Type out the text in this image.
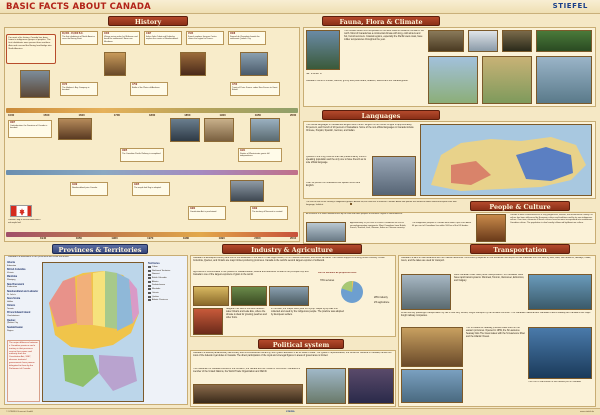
BASIC FACTS ABOUT CANADA	STIEFEL
History
For most of its history, Canada has been home to indigenous groups of peoples. The first inhabitants were present from northern Asia and crossed the Bering land bridge into North America.
1000	1500	1600	1700	1800	1850	1900	1950	2000
1940	1950	1960	1970	1980	1990	2000	2010
30,000 - 15,000 B.C.
The first inhabitants of North America cross the Bering Strait.
1000
Vikings arrive under Leif Eriksson and found the settlement L'Anse aux Meadows.
1497
Italian John Cabot and Frobisher explore the coasts of Newfoundland.
1534
French explorer Jacques Cartier claims the region for France.
1608
Samuel de Champlain founds the settlement Quebec City.
1670
The Hudson's Bay Company is founded.
1759
Battle of the Plains of Abraham.
1763
Treaty of Paris: France cedes New France to Great Britain.
1867
Confederation: the Dominion of Canada is founded.
1885
The Canadian Pacific Railway is completed.
1931
Statute of Westminster grants full independence.
1949
Newfoundland joins Canada.
1965
The maple leaf flag is adopted.
1982
Constitution Act is proclaimed.
1999
The territory of Nunavut is created.
Canada's flag is red and white with a red maple leaf.
Fauna, Flora & Climate
The climate varies from temperate on the west coast to subarctic climate in the north. Most of Canada has a continental climate with long, cold winters and hot, humid summers. Coastal regions, especially the Pacific west coast, have milder temperatures throughout the year.
-40 °C to 40 °C
Canada is home to moose, caribou, grizzly and polar bears, beavers, wolves and the Canada goose.
Languages
The official languages in Canada are English and French. English is the mother tongue of approximately 60 percent, and French of 20 percent of Canadians. Some of the non-official languages in Canada include Chinese, Punjabi, Spanish, German, and Italian.
Québec is the only province that has predominantly French-speaking population and the only one to have French as its sole official language.
Over 40 percent of inhabitants can speak French and English.
People & Culture
The fruit on one of the country's indigenous groups. Almost 60,000 Inuits live in northern Canada. About one quarter are settled on Baffin Island and speak their own language, Inuktitut.
An inukshuk is a stone landmark built by the Inuit and other peoples of the Arctic region of North America.
Approximately 41 per cent of current Canadians are first or second-generation immigrants. Most Canadians have British, French, Scottish, Irish, German, Italian or Chinese ancestry.
The indigenous peoples of Canada form about 4 per cent. About 44 per cent of Canadians live within 100 km of the US border.
Canada is often characterized as a very progressive, diverse, and multicultural country. Its culture has been influenced by European culture and traditions and by its own indigenous culture. Over time, elements of these cultures have become incorporated into mainstream Canadian culture. The population is also heavily influenced by American culture.
Provinces & Territories
Canada is a federation of ten provinces and three territories.
Alberta
Edmonton
British Columbia
Victoria
Manitoba
Winnipeg
New Brunswick
Fredericton
Newfoundland and Labrador
St. John's
Nova Scotia
Halifax
Ontario
Toronto
Prince Edward Island
Charlottetown
Quebec
Quebec City
Saskatchewan
Regina
Territories
Yukon
Northwest Territories
Nunavut
British Columbia
Alberta
Saskatchewan
Manitoba
Ontario
Quebec
Atlantic Provinces
The major difference between a Canadian province and a territory is that provinces receive their power and authority from the Constitution Act, 1867, whereas territorial governments have powers delegated to them by the Parliament of Canada.
Industry & Agriculture
Canada is a developed country and one of the wealthiest in the world. It has huge forests, rich in mineral resources, and fertile farmland. The forests support a thriving timber industry. British Columbia, Quebec, and Ontario are major timber-producing provinces. Canada is the world's second largest exporter of softwood.
Agriculture is concentrated in the prairies of Saskatchewan, Alberta and Manitoba. Wheat is the principal crop and Canada is one of the largest exporters of grain in the world.
Niagara Fruit Belt is the land between Lake Ontario and Lake Erie, where the climate is ideal for growing peaches and other fruits.
In the east, the maple trees yield rich syrup. Maple syrup was first collected and used by the indigenous people. The practice was adopted by European settlers.
Part of sections as proportion GDP:
70% services
28% industry
2% agriculture
Political system
Canada is a federal parliamentary democracy and a constitutional monarchy, with Queen Elizabeth II as its head of state. The Queen's representative, the Governor General of Canada, carries out most of the federal royal duties in Canada. The direct participation of the royal and viceregal figures in areas of governance is limited.
The Parliament of Canada consists of the monarch, the Senate and the House of Commons. Canada is a member of the United Nations, the World Trade Organization and OECD.
Transportation
Canada is a land of vast distances and rich natural resources. Its economy depends on the extraction and export of raw materials from the land by sea, road, rail networks, railways, roads, rivers, and the lakes are used for transport.
Most Canadian cities have public transportation. Six Canadian cities have rapid transit systems: Montreal, Toronto, Vancouver, Edmonton, and Calgary.
While intercity passenger transportation by rail is now very limited, freight transport by rail remains common. The Canadian National and Canadian Pacific Railway are Canada's two major freight railway companies.
The St Lawrence Seaway provides trade links for the eastern provinces. Opened in 1959, the St Lawrence Seaway links The Great Lakes with the St Lawrence River and the Atlantic Ocean.
The Port of Vancouver is the busiest port in Canada.
© STIEFEL Eurocart GmbH	STIEFEL	www.stiefel.de
